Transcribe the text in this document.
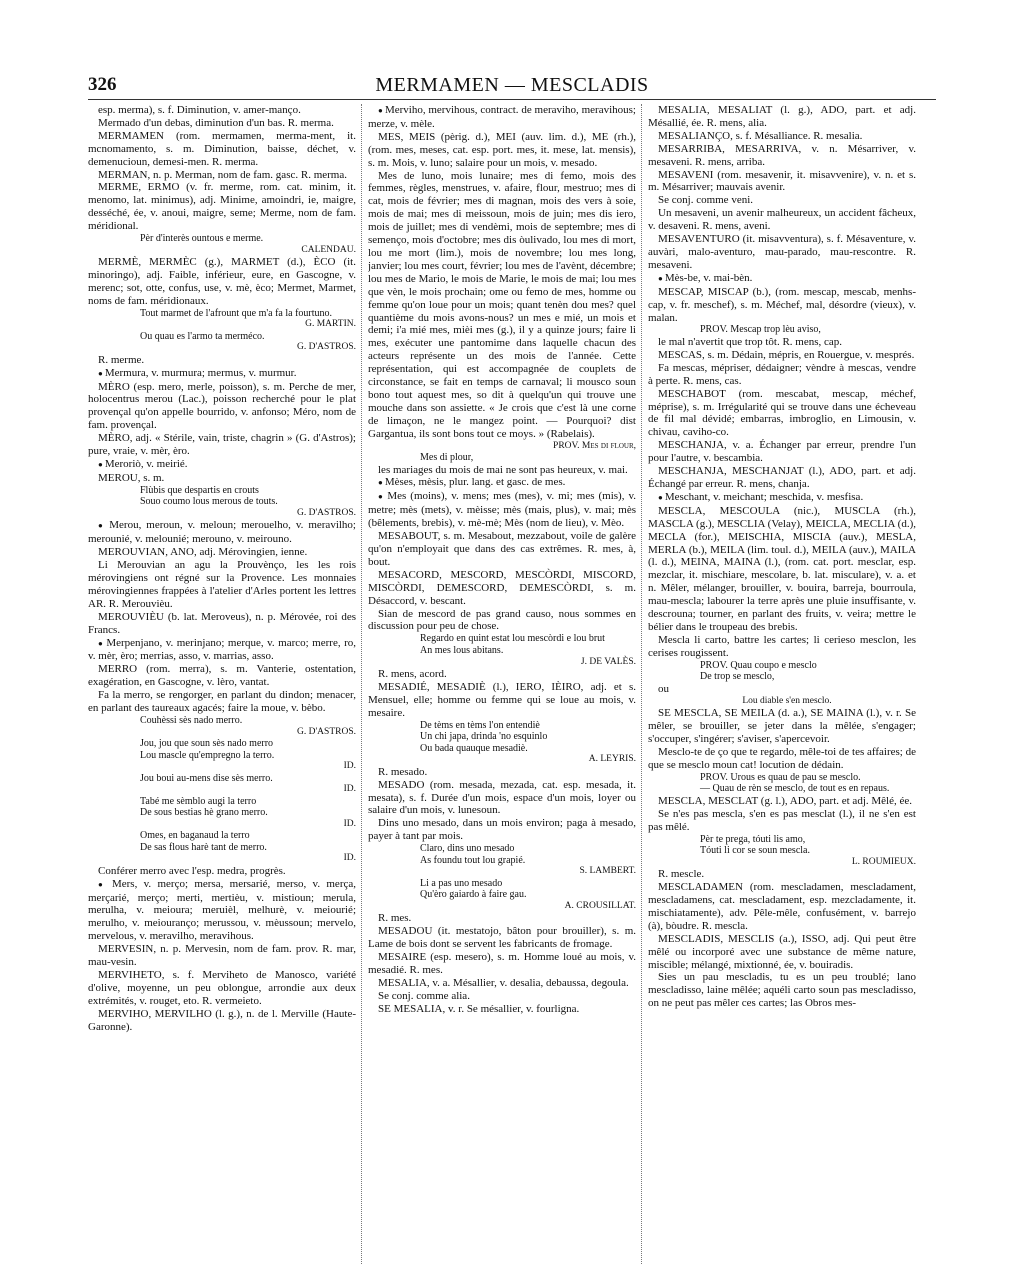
326	MERMAMEN — MESCLADIS

esp. merma), s. f. Diminution, v. amer-manço.

Mermado d'un debas, diminution d'un bas. R. merma.

MERMAMEN (rom. mermamen, merma-ment, it. mcnomamento, s. m. Diminution, baisse, déchet, v. demenucioun, demesi-men. R. merma.

MERMAN, n. p. Merman, nom de fam. gasc. R. merma.

MERME, ERMO (v. fr. merme, rom. cat. minim, it. menomo, lat. minimus), adj. Minime, amoindri, ie, maigre, desséché, ée, v. anoui, maigre, seme; Merme, nom de fam. méridional.

Pèr d'interès ountous e merme.

CALENDAU.

MERMÈ, MERMÈC (g.), MARMET (d.), ÈCO (it. minoringo), adj. Faible, inférieur, eure, en Gascogne, v. merenc; sot, otte, confus, use, v. mè, èco; Mermet, Marmet, noms de fam. méridionaux.

Tout marmet de l'afrount que m'a fa la fourtuno.

G. MARTIN.

Ou quau es l'armo ta merméco.

G. D'ASTROS.

R. merme.

● Mermura, v. murmura; mermus, v. murmur.

MÈRO (esp. mero, merle, poisson), s. m. Perche de mer, holocentrus merou (Lac.), poisson recherché pour le plat provençal qu'on appelle bourrido, v. anfonso; Méro, nom de fam. provençal.

MÈRO, adj. « Stérile, vain, triste, chagrin » (G. d'Astros); pure, vraie, v. mèr, èro.

● Meroriò, v. meirié.

MEROU, s. m.

Flùbis que despartis en crouts

Souo coumo lous merous de touts.

G. D'ASTROS.

● Merou, meroun, v. meloun; merouelho, v. meravilho; merounié, v. melounié; merouno, v. meirouno.

MEROUVIAN, ANO, adj. Mérovingien, ienne.

Li Merouvian an agu la Prouvènço, les les rois mérovingiens ont régné sur la Provence. Les monnaies mérovingiennes frappées à l'atelier d'Arles portent les lettres AR. R. Merouvièu.

MEROUVIÈU (b. lat. Meroveus), n. p. Mérovée, roi des Francs.

● Merpenjano, v. merinjano; merque, v. marco; merre, ro, v. mèr, èro; merrias, asso, v. marrias, asso.

MERRO (rom. merra), s. m. Vanterie, ostentation, exagération, en Gascogne, v. lèro, vantat.

Fa la merro, se rengorger, en parlant du dindon; menacer, en parlant des taureaux agacés; faire la moue, v. bèbo.

Couhèssi sès nado merro.

G. D'ASTROS.

Jou, jou que soun sès nado merro

Lou mascle qu'empregno la terro.

ID.

Jou boui au-mens dise sès merro.

ID.

Tabé me sèmblo augi la terro

De sous bestias hè grano merro.

ID.

Omes, en baganaud la terro

De sas flous harè tant de merro.

ID.

Conférer merro avec l'esp. medra, progrès.

● Mers, v. merço; mersa, mersarié, merso, v. merça, merçarié, merço; merti, mertièu, v. mistioun; merula, merulha, v. meioura; meruièl, melhurè, v. meiourié; merulho, v. meiouranço; merussou, v. mèussoun; mervelo, mervelous, v. meravilho, meravihous.

MERVESIN, n. p. Mervesin, nom de fam. prov. R. mar, mau-vesin.

MERVIHETO, s. f. Merviheto de Manosco, variété d'olive, moyenne, un peu oblongue, arrondie aux deux extrémités, v. rouget, eto. R. vermeieto.

MERVIHO, MERVILHO (l. g.), n. de l. Merville (Haute-Garonne).

● Merviho, mervihous, contract. de meraviho, meravihous; merze, v. mèle.

MES, MEIS (pèrig. d.), MEI (auv. lim. d.), ME (rh.), (rom. mes, meses, cat. esp. port. mes, it. mese, lat. mensis), s. m. Mois, v. luno; salaire pour un mois, v. mesado.

Mes de luno, mois lunaire; mes di femo, mois des femmes, règles, menstrues, v. afaire, flour, mestruo; mes di cat, mois de février; mes di magnan, mois des vers à soie, mois de mai; mes di meissoun, mois de juin; mes dis iero, mois de juillet; mes di vendèmi, mois de septembre; mes di semenço, mois d'octobre; mes dis òulivado, lou mes di mort, lou me mort (lim.), mois de novembre; lou mes long, janvier; lou mes court, février; lou mes de l'avènt, décembre; lou mes de Mario, le mois de Marie, le mois de mai; lou mes que vèn, le mois prochain; ome ou femo de mes, homme ou femme qu'on loue pour un mois; quant tenèn dou mes? quel quantième du mois avons-nous? un mes e mié, un mois et demi; i'a mié mes, mièi mes (g.), il y a quinze jours; faire li mes, exécuter une pantomime dans laquelle chacun des acteurs représente un des mois de l'année. Cette représentation, qui est accompagnée de couplets de circonstance, se fait en temps de carnaval; li mousco soun bono tout aquest mes, so dit à quelqu'un qui trouve une mouche dans son assiette. « Je crois que c'est là une corne de limaçon, ne le mangez point. — Pourquoi? dist Gargantua, ils sont bons tout ce moys. » (Rabelais).

PROV. Mes di flour,

Mes di plour,

les mariages du mois de mai ne sont pas heureux, v. mai.

● Mèses, mèsis, plur. lang. et gasc. de mes.

● Mes (moins), v. mens; mes (mes), v. mi; mes (mis), v. metre; mès (mets), v. mèisse; mès (mais, plus), v. mai; mès (bêlements, brebis), v. mè-mè; Mès (nom de lieu), v. Mèo.

MESABOUT, s. m. Mesabout, mezzabout, voile de galère qu'on n'employait que dans des cas extrêmes. R. mes, à, bout.

MESACORD, MESCORD, MESCÒRDI, MISCORD, MISCÒRDI, DEMESCORD, DEMESCÒRDI, s. m. Désaccord, v. bescant.

Sian de mescord de pas grand causo, nous sommes en discussion pour peu de chose.

Regardo en quint estat lou mescòrdi e lou brut

An mes lous abitans.

J. DE VALÈS.

R. mens, acord.

MESADIÉ, MESADIÈ (l.), IERO, IÈIRO, adj. et s. Mensuel, elle; homme ou femme qui se loue au mois, v. mesaire.

De tèms en tèms l'on entendiè

Un chi japa, drinda 'no esquinlo

Ou bada quauque mesadiè.

A. LEYRIS.

R. mesado.

MESADO (rom. mesada, mezada, cat. esp. mesada, it. mesata), s. f. Durée d'un mois, espace d'un mois, loyer ou salaire d'un mois, v. lunesoun.

Dins uno mesado, dans un mois environ; paga à mesado, payer à tant par mois.

Claro, dins uno mesado

As foundu tout lou grapié.

S. LAMBERT.

Li a pas uno mesado

Qu'èro gaiardo à faire gau.

A. CROUSILLAT.

R. mes.

MESADOU (it. mestatojo, bâton pour brouiller), s. m. Lame de bois dont se servent les fabricants de fromage.

MESAIRE (esp. mesero), s. m. Homme loué au mois, v. mesadié. R. mes.

MESALIA, v. a. Mésallier, v. desalia, debaussa, degoula.

Se conj. comme alia.

SE MESALIA, v. r. Se mésallier, v. fourligna.

MESALIA, MESALIAT (l. g.), ADO, part. et adj. Mésallié, ée. R. mens, alia.

MESALIANÇO, s. f. Mésalliance. R. mesalia.

MESARRIBA, MESARRIVA, v. n. Mésarriver, v. mesaveni. R. mens, arriba.

MESAVENI (rom. mesavenir, it. misavvenire), v. n. et s. m. Mésarriver; mauvais avenir.

Se conj. comme veni.

Un mesaveni, un avenir malheureux, un accident fâcheux, v. desaveni. R. mens, aveni.

MESAVENTURO (it. misavventura), s. f. Mésaventure, v. auvàri, malo-aventuro, mau-parado, mau-rescontre. R. mesaveni.

● Mès-be, v. mai-bèn.

MESCAP, MISCAP (b.), (rom. mescap, mescab, menhs-cap, v. fr. meschef), s. m. Méchef, mal, désordre (vieux), v. malan.

PROV. Mescap trop lèu aviso,

le mal n'avertit que trop tôt. R. mens, cap.

MESCAS, s. m. Dédain, mépris, en Rouergue, v. mesprés.

Fa mescas, mépriser, dédaigner; vèndre à mescas, vendre à perte. R. mens, cas.

MESCHABOT (rom. mescabat, mescap, méchef, méprise), s. m. Irrégularité qui se trouve dans une écheveau de fil mal dévidé; embarras, imbroglio, en Limousin, v. chivau, caviho-co.

MESCHANJA, v. a. Échanger par erreur, prendre l'un pour l'autre, v. bescambia.

MESCHANJA, MESCHANJAT (l.), ADO, part. et adj. Échangé par erreur. R. mens, chanja.

● Meschant, v. meichant; meschida, v. mesfisa.

MESCLA, MESCOULA (nic.), MUSCLA (rh.), MASCLA (g.), MESCLIA (Velay), MEICLA, MECLIA (d.), MECLA (for.), MEISCHIA, MISCIA (auv.), MESLA, MERLA (b.), MEILA (lim. toul. d.), MEILA (auv.), MAILA (l. d.), MEINA, MAINA (l.), (rom. cat. port. mesclar, esp. mezclar, it. mischiare, mescolare, b. lat. misculare), v. a. et n. Mêler, mélanger, brouiller, v. bouira, barreja, bourroula, mau-mescla; labourer la terre après une pluie insuffisante, v. descrouna; tourner, en parlant des fruits, v. veira; mettre le bélier dans le troupeau des brebis.

Mescla li carto, battre les cartes; li cerieso mesclon, les cerises rougissent.

PROV. Quau coupo e mesclo

De trop se mesclo,

ou

Lou diable s'en mesclo.

SE MESCLA, SE MEILA (d. a.), SE MAINA (l.), v. r. Se mêler, se brouiller, se jeter dans la mêlée, s'engager; s'occuper, s'ingérer; s'aviser, s'apercevoir.

Mesclo-te de ço que te regardo, mêle-toi de tes affaires; de que se mesclo moun cat! locution de dédain.

PROV. Urous es quau de pau se mesclo.

— Quau de rèn se mesclo, de tout es en repaus.

MESCLA, MESCLAT (g. l.), ADO, part. et adj. Mêlé, ée.

Se n'es pas mescla, s'en es pas mesclat (l.), il ne s'en est pas mêlé.

Pèr te prega, tóuti lis amo,

Tóuti li cor se soun mescla.

L. ROUMIEUX.

R. mescle.

MESCLADAMEN (rom. mescladamen, mescladament, mescladamens, cat. mescladament, esp. mezcladamente, it. mischiatamente), adv. Pêle-mêle, confusément, v. barrejo (à), bòudre. R. mescla.

MESCLADIS, MESCLIS (a.), ISSO, adj. Qui peut être mêlé ou incorporé avec une substance de même nature, miscible; mélangé, mixtionné, ée, v. bouiradis.

Sies un pau mescladis, tu es un peu troublé; lano mescladisso, laine mêlée; aquéli carto soun pas mescladisso, on ne peut pas mêler ces cartes; las Obros mes-
